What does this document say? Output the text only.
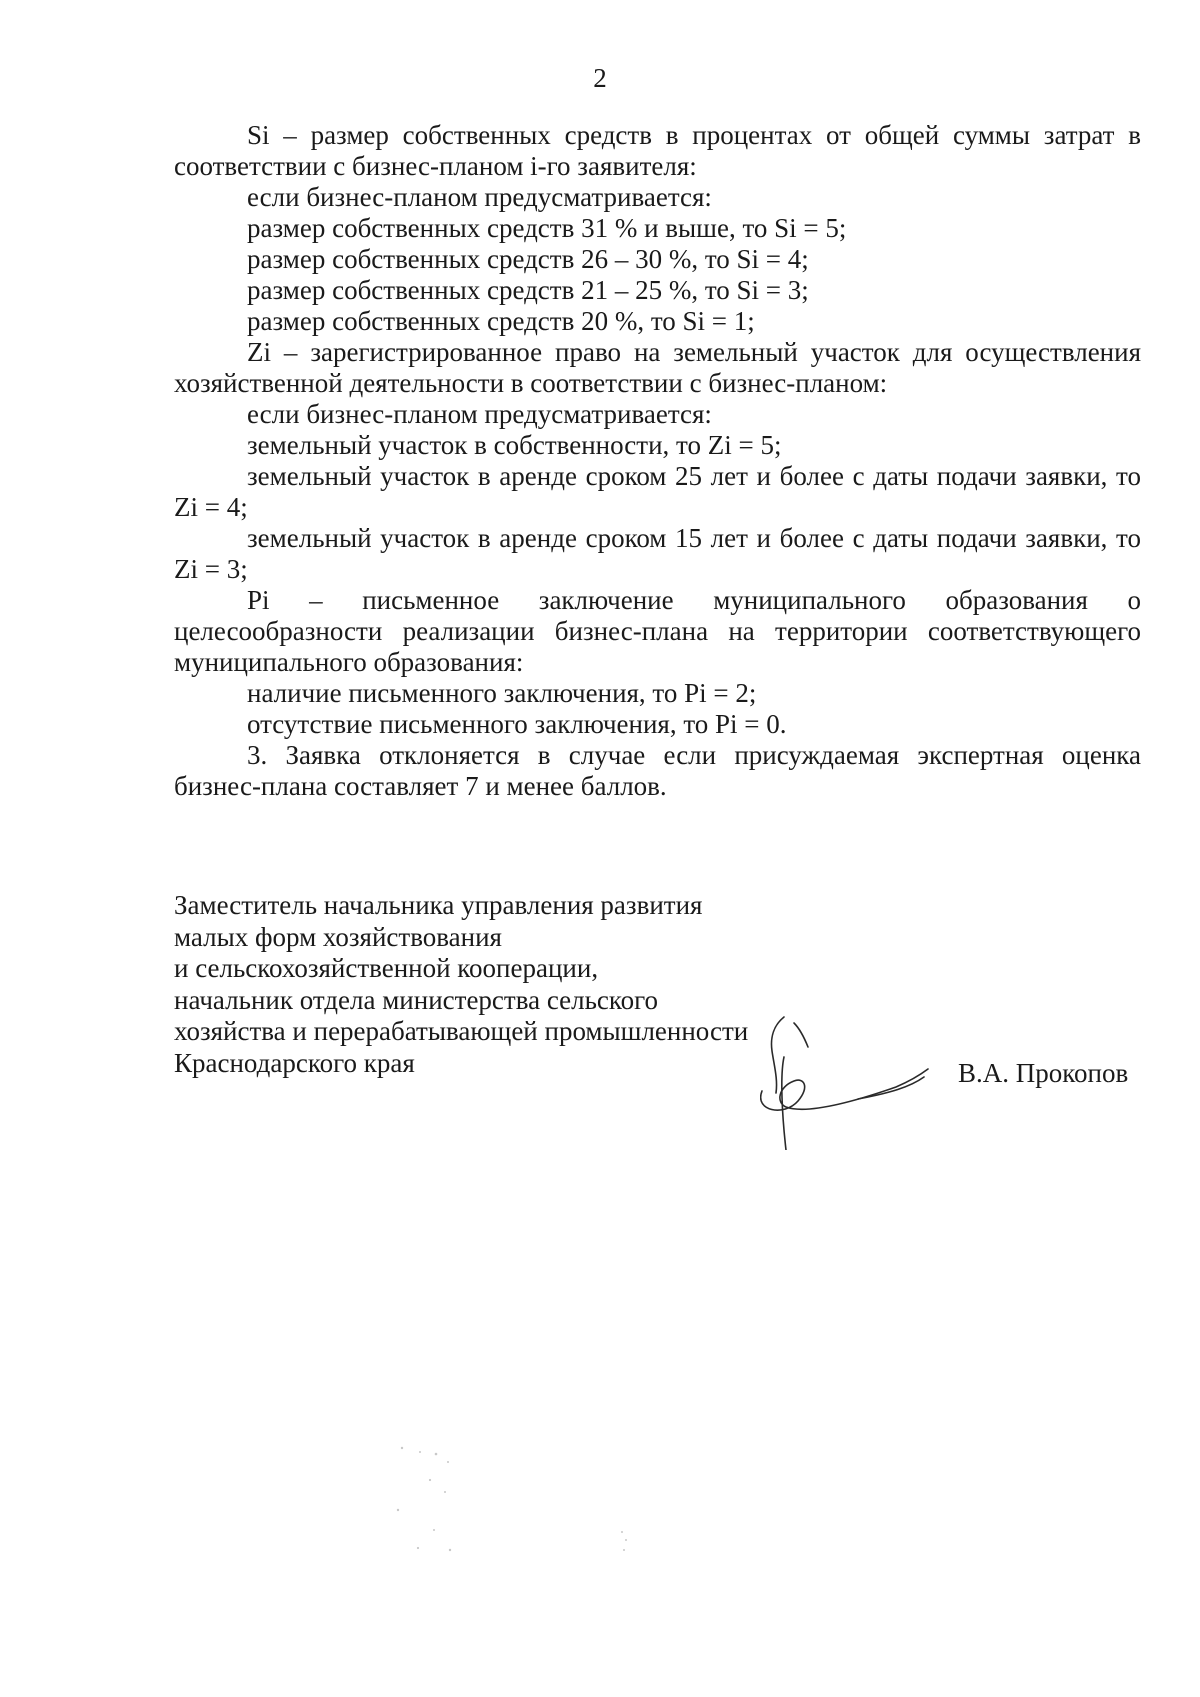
2

Si – размер собственных средств в процентах от общей суммы затрат в соответствии с бизнес-планом i-го заявителя:

если бизнес-планом предусматривается:

размер собственных средств 31 % и выше, то Si = 5;

размер собственных средств 26 – 30 %, то Si = 4;

размер собственных средств 21 – 25 %, то Si = 3;

размер собственных средств 20 %, то Si = 1;

Zi – зарегистрированное право на земельный участок для осуществления хозяйственной деятельности в соответствии с бизнес-планом:

если бизнес-планом предусматривается:

земельный участок в собственности, то Zi = 5;

земельный участок в аренде сроком 25 лет и более с даты подачи заявки, то Zi = 4;

земельный участок в аренде сроком 15 лет и более с даты подачи заявки, то Zi = 3;

Pi – письменное заключение муниципального образования о целесообразности реализации бизнес-плана на территории соответствующего муниципального образования:

наличие письменного заключения, то Pi = 2;

отсутствие письменного заключения, то Pi = 0.

3. Заявка отклоняется в случае если присуждаемая экспертная оценка бизнес-плана составляет 7 и менее баллов.

Заместитель начальника управления развития

малых форм хозяйствования

и сельскохозяйственной кооперации,

начальник отдела министерства сельского

хозяйства и перерабатывающей промышленности

Краснодарского края	В.А. Прокопов
